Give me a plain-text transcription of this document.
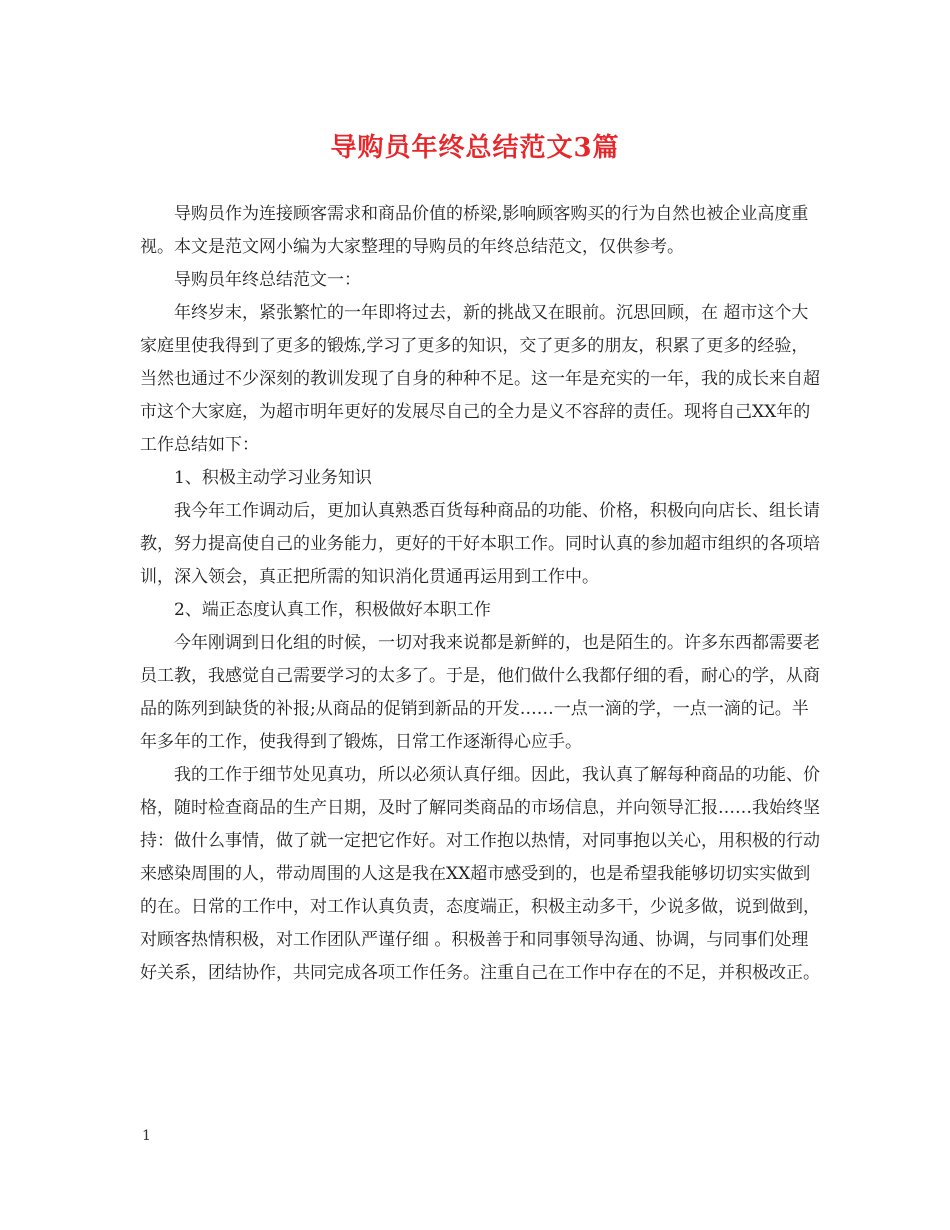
导购员年终总结范文3篇

导购员作为连接顾客需求和商品价值的桥梁,影响顾客购买的行为自然也被企业高度重视。本文是范文网小编为大家整理的导购员的年终总结范文，仅供参考。

导购员年终总结范文一：

年终岁末，紧张繁忙的一年即将过去，新的挑战又在眼前。沉思回顾，在 超市这个大家庭里使我得到了更多的锻炼,学习了更多的知识，交了更多的朋友，积累了更多的经验，当然也通过不少深刻的教训发现了自身的种种不足。这一年是充实的一年，我的成长来自超市这个大家庭，为超市明年更好的发展尽自己的全力是义不容辞的责任。现将自己XX年的工作总结如下：

1、积极主动学习业务知识

我今年工作调动后，更加认真熟悉百货每种商品的功能、价格，积极向向店长、组长请教，努力提高使自己的业务能力，更好的干好本职工作。同时认真的参加超市组织的各项培训，深入领会，真正把所需的知识消化贯通再运用到工作中。

2、端正态度认真工作，积极做好本职工作

今年刚调到日化组的时候，一切对我来说都是新鲜的，也是陌生的。许多东西都需要老员工教，我感觉自己需要学习的太多了。于是，他们做什么我都仔细的看，耐心的学，从商品的陈列到缺货的补报;从商品的促销到新品的开发……一点一滴的学，一点一滴的记。半年多年的工作，使我得到了锻炼，日常工作逐渐得心应手。

我的工作于细节处见真功，所以必须认真仔细。因此，我认真了解每种商品的功能、价格，随时检查商品的生产日期，及时了解同类商品的市场信息，并向领导汇报……我始终坚持：做什么事情，做了就一定把它作好。对工作抱以热情，对同事抱以关心，用积极的行动来感染周围的人，带动周围的人这是我在XX超市感受到的，也是希望我能够切切实实做到的在。日常的工作中，对工作认真负责，态度端正，积极主动多干，少说多做，说到做到，对顾客热情积极，对工作团队严谨仔细 。积极善于和同事领导沟通、协调，与同事们处理好关系，团结协作，共同完成各项工作任务。注重自己在工作中存在的不足，并积极改正。

1
